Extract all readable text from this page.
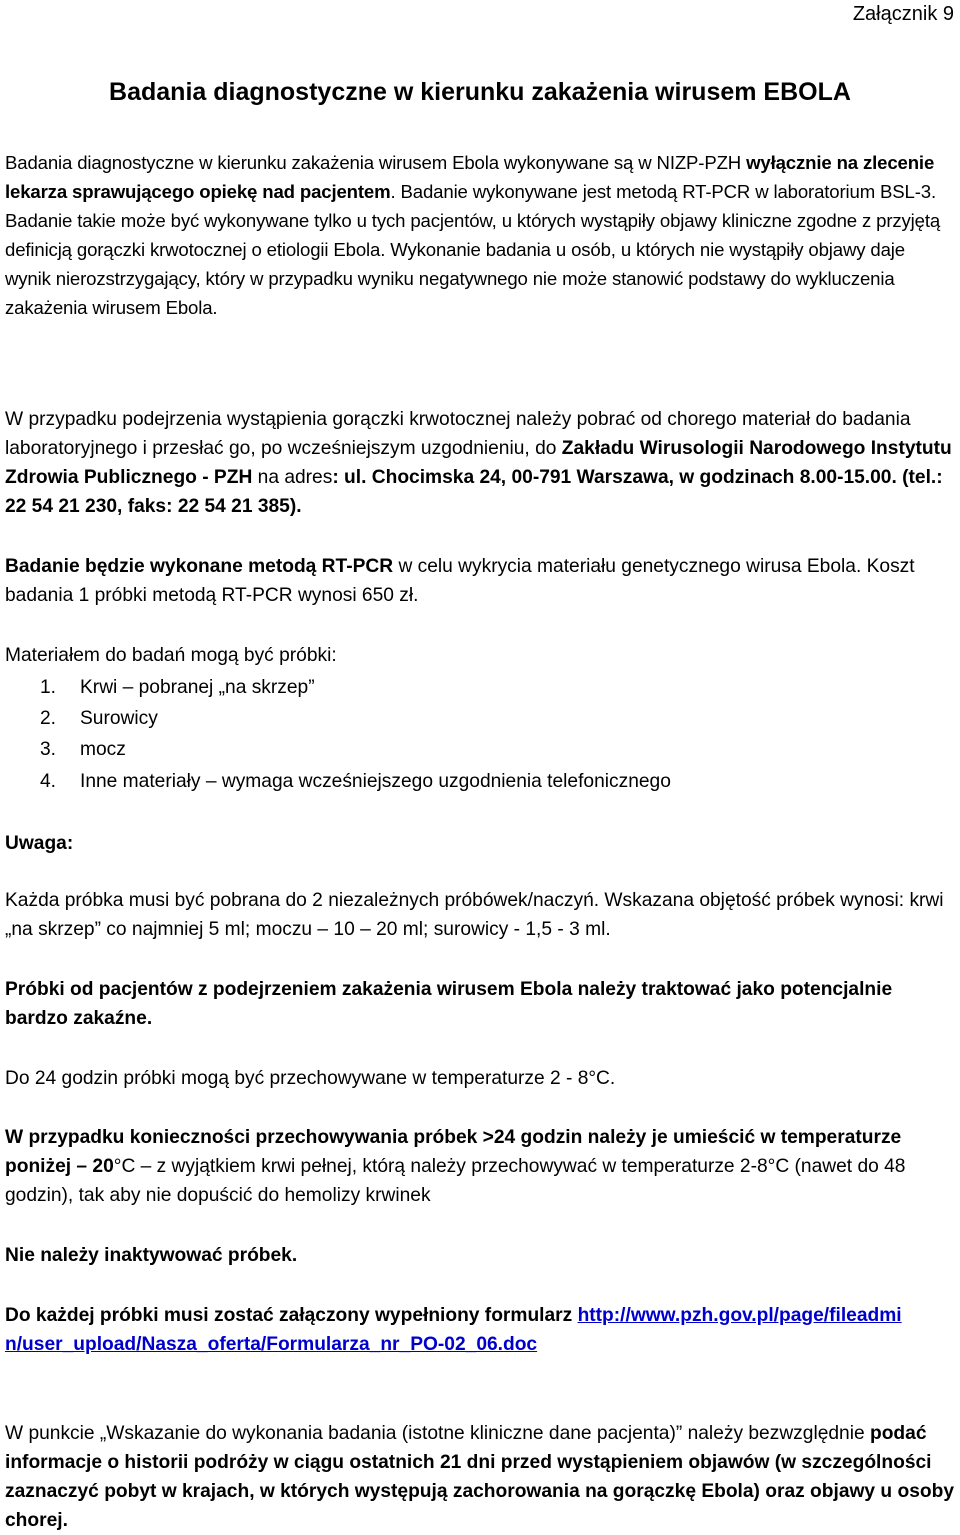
Załącznik 9
Badania diagnostyczne w kierunku zakażenia wirusem EBOLA

Badania diagnostyczne w kierunku zakażenia wirusem Ebola wykonywane są w NIZP-PZH wyłącznie na zlecenie lekarza sprawującego opiekę nad pacjentem. Badanie wykonywane jest metodą RT-PCR w laboratorium BSL-3. Badanie takie może być wykonywane tylko u tych pacjentów, u których wystąpiły objawy kliniczne zgodne z przyjętą definicją gorączki krwotocznej o etiologii Ebola. Wykonanie badania u osób, u których nie wystąpiły objawy daje wynik nierozstrzygający, który w przypadku wyniku negatywnego nie może stanowić podstawy do wykluczenia zakażenia wirusem Ebola.

W przypadku podejrzenia wystąpienia gorączki krwotocznej należy pobrać od chorego materiał do badania laboratoryjnego i przesłać go, po wcześniejszym uzgodnieniu, do Zakładu Wirusologii Narodowego Instytutu Zdrowia Publicznego - PZH na adres: ul. Chocimska 24, 00-791 Warszawa, w godzinach 8.00-15.00. (tel.: 22 54 21 230, faks: 22 54 21 385).

Badanie będzie wykonane metodą RT-PCR w celu wykrycia materiału genetycznego wirusa Ebola. Koszt badania 1 próbki metodą RT-PCR wynosi 650 zł.

Materiałem do badań mogą być próbki:

1. Krwi – pobranej „na skrzep”
2. Surowicy
3. mocz
4. Inne materiały – wymaga wcześniejszego uzgodnienia telefonicznego

Uwaga:

Każda próbka musi być pobrana do 2 niezależnych próbówek/naczyń. Wskazana objętość próbek wynosi: krwi „na skrzep” co najmniej 5 ml; moczu – 10 – 20 ml; surowicy - 1,5 - 3 ml.

Próbki od pacjentów z podejrzeniem zakażenia wirusem Ebola należy traktować jako potencjalnie bardzo zakaźne.

Do 24 godzin próbki mogą być przechowywane w temperaturze 2 - 8°C.

W przypadku konieczności przechowywania próbek >24 godzin należy je umieścić w temperaturze poniżej – 20°C – z wyjątkiem krwi pełnej, którą należy przechowywać w temperaturze 2-8°C (nawet do 48 godzin), tak aby nie dopuścić do hemolizy krwinek

Nie należy inaktywować próbek.

Do każdej próbki musi zostać załączony wypełniony formularz http://www.pzh.gov.pl/page/fileadmin/user_upload/Nasza_oferta/Formularza_nr_PO-02_06.doc

W punkcie „Wskazanie do wykonania badania (istotne kliniczne dane pacjenta)” należy bezwzględnie podać informacje o historii podróży w ciągu ostatnich 21 dni przed wystąpieniem objawów (w szczególności zaznaczyć pobyt w krajach, w których występują zachorowania na gorączkę Ebola) oraz objawy u osoby chorej.
